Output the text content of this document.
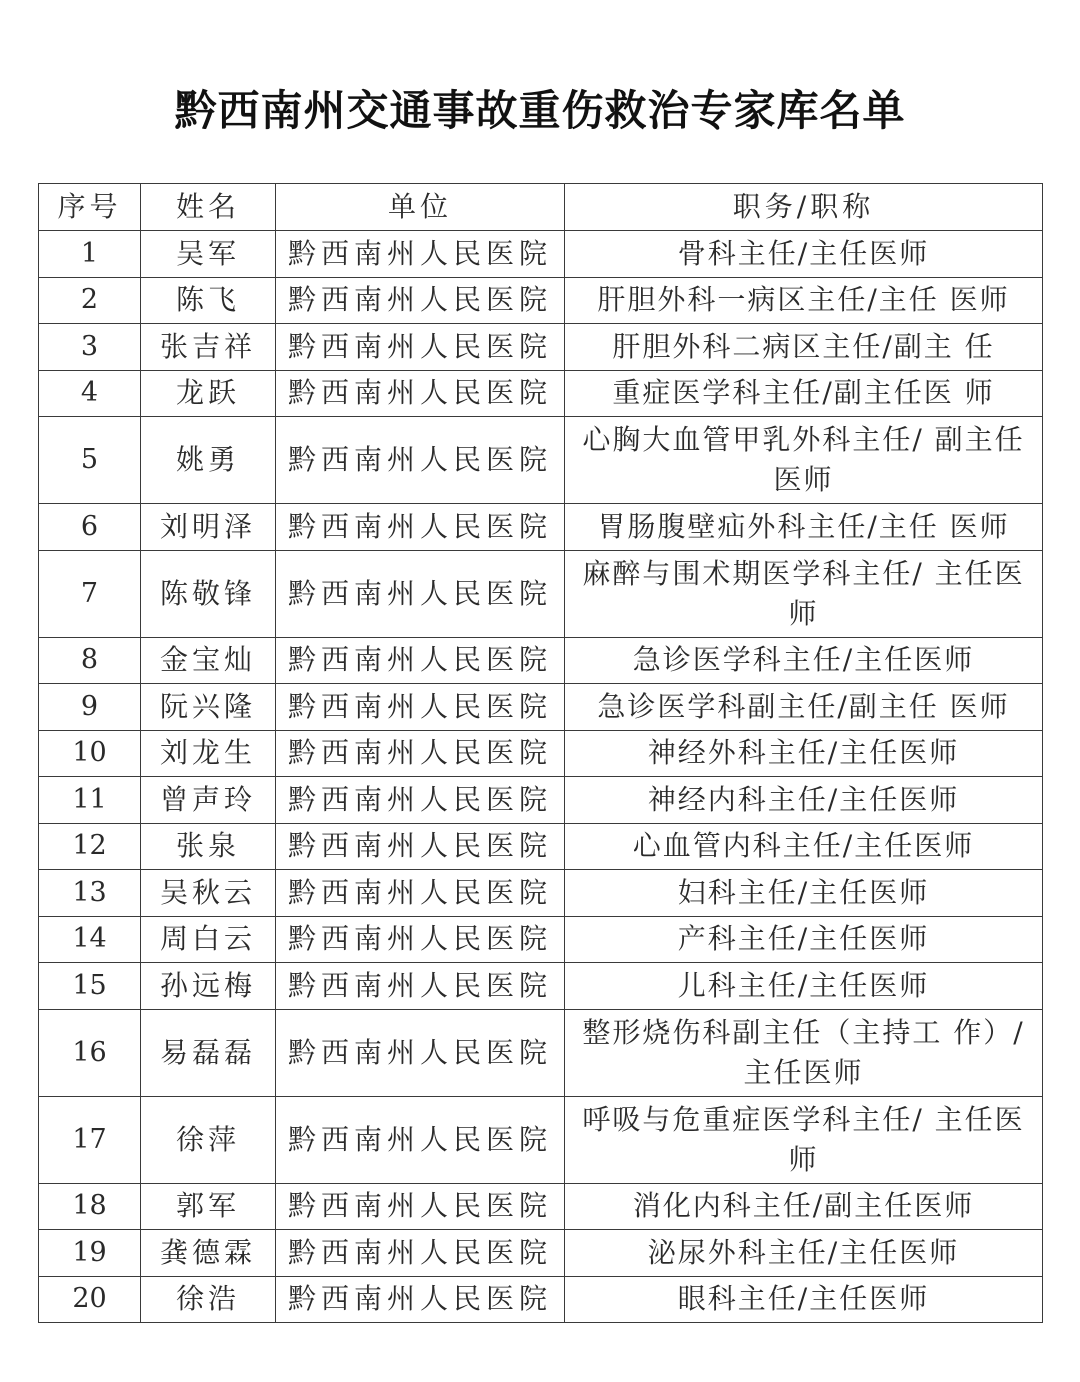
黔西南州交通事故重伤救治专家库名单
序号	姓名	单位	职务/职称
1	吴军	黔西南州人民医院	骨科主任/主任医师
2	陈飞	黔西南州人民医院	肝胆外科一病区主任/主任 医师
3	张吉祥	黔西南州人民医院	肝胆外科二病区主任/副主 任
4	龙跃	黔西南州人民医院	重症医学科主任/副主任医 师
5	姚勇	黔西南州人民医院	心胸大血管甲乳外科主任/ 副主任医师
6	刘明泽	黔西南州人民医院	胃肠腹壁疝外科主任/主任 医师
7	陈敬锋	黔西南州人民医院	麻醉与围术期医学科主任/ 主任医师
8	金宝灿	黔西南州人民医院	急诊医学科主任/主任医师
9	阮兴隆	黔西南州人民医院	急诊医学科副主任/副主任 医师
10	刘龙生	黔西南州人民医院	神经外科主任/主任医师
11	曾声玲	黔西南州人民医院	神经内科主任/主任医师
12	张泉	黔西南州人民医院	心血管内科主任/主任医师
13	吴秋云	黔西南州人民医院	妇科主任/主任医师
14	周白云	黔西南州人民医院	产科主任/主任医师
15	孙远梅	黔西南州人民医院	儿科主任/主任医师
16	易磊磊	黔西南州人民医院	整形烧伤科副主任（主持工 作）/主任医师
17	徐萍	黔西南州人民医院	呼吸与危重症医学科主任/ 主任医师
18	郭军	黔西南州人民医院	消化内科主任/副主任医师
19	龚德霖	黔西南州人民医院	泌尿外科主任/主任医师
20	徐浩	黔西南州人民医院	眼科主任/主任医师
